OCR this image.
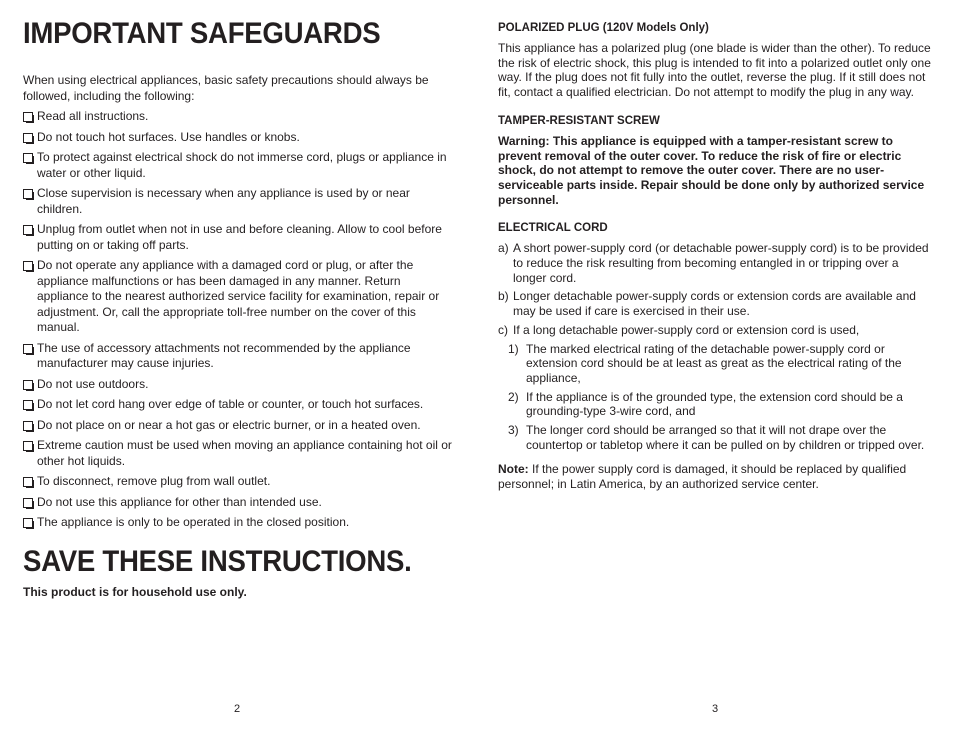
IMPORTANT SAFEGUARDS

When using electrical appliances, basic safety precautions should always be followed, including the following:

Read all instructions.
Do not touch hot surfaces. Use handles or knobs.
To protect against electrical shock do not immerse cord, plugs or appliance in water or other liquid.
Close supervision is necessary when any appliance is used by or near children.
Unplug from outlet when not in use and before cleaning. Allow to cool before putting on or taking off parts.
Do not operate any appliance with a damaged cord or plug, or after the appliance malfunctions or has been damaged in any manner. Return appliance to the nearest authorized service facility for examination, repair or adjustment. Or, call the appropriate toll-free number on the cover of this manual.
The use of accessory attachments not recommended by the appliance manufacturer may cause injuries.
Do not use outdoors.
Do not let cord hang over edge of table or counter, or touch hot surfaces.
Do not place on or near a hot gas or electric burner, or in a heated oven.
Extreme caution must be used when moving an appliance containing hot oil or other hot liquids.
To disconnect, remove plug from wall outlet.
Do not use this appliance for other than intended use.
The appliance is only to be operated in the closed position.
SAVE THESE INSTRUCTIONS.

This product is for household use only.

2
POLARIZED PLUG (120V Models Only)

This appliance has a polarized plug (one blade is wider than the other). To reduce the risk of electric shock, this plug is intended to fit into a polarized outlet only one way. If the plug does not fit fully into the outlet, reverse the plug. If it still does not fit, contact a qualified electrician. Do not attempt to modify the plug in any way.

TAMPER-RESISTANT SCREW

Warning: This appliance is equipped with a tamper-resistant screw to prevent removal of the outer cover. To reduce the risk of fire or electric shock, do not attempt to remove the outer cover. There are no user-serviceable parts inside. Repair should be done only by authorized service personnel.

ELECTRICAL CORD
a) A short power-supply cord (or detachable power-supply cord) is to be provided to reduce the risk resulting from becoming entangled in or tripping over a longer cord.
b) Longer detachable power-supply cords or extension cords are available and may be used if care is exercised in their use.
c) If a long detachable power-supply cord or extension cord is used,
1) The marked electrical rating of the detachable power-supply cord or extension cord should be at least as great as the electrical rating of the appliance,
2) If the appliance is of the grounded type, the extension cord should be a grounding-type 3-wire cord, and
3) The longer cord should be arranged so that it will not drape over the countertop or tabletop where it can be pulled on by children or tripped over.

Note: If the power supply cord is damaged, it should be replaced by qualified personnel; in Latin America, by an authorized service center.

3
